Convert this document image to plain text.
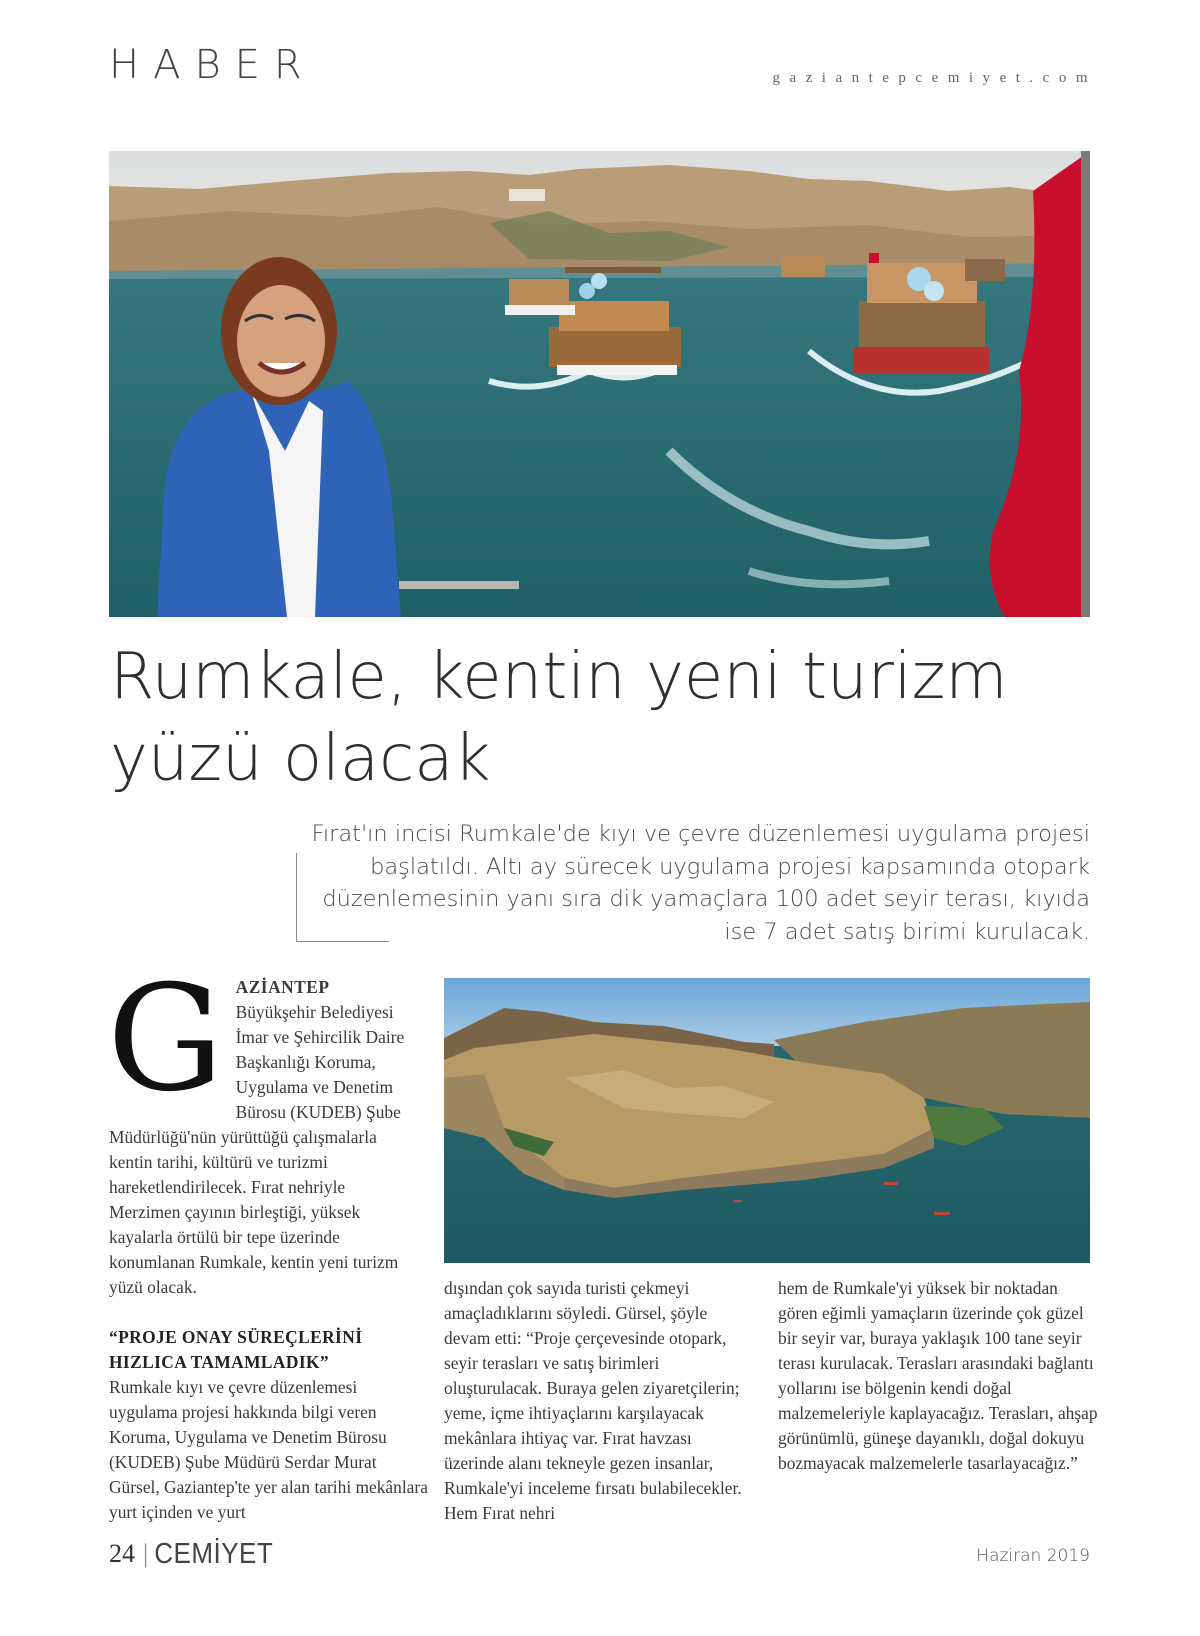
HABER	gaziantepcemiyet.com
Rumkale, kentin yeni turizm yüzü olacak

Fırat'ın incisi Rumkale'de kıyı ve çevre düzenlemesi uygulama projesi başlatıldı. Altı ay sürecek uygulama projesi kapsamında otopark düzenlemesinin yanı sıra dik yamaçlara 100 adet seyir terası, kıyıda ise 7 adet satış birimi kurulacak.

G AZİANTEP Büyükşehir Belediyesi İmar ve Şehircilik Daire Başkanlığı Koruma, Uygulama ve Denetim Bürosu (KUDEB) Şube Müdürlüğü'nün yürüttüğü çalışmalarla kentin tarihi, kültürü ve turizmi hareketlendirilecek. Fırat nehriyle Merzimen çayının birleştiği, yüksek kayalarla örtülü bir tepe üzerinde konumlanan Rumkale, kentin yeni turizm yüzü olacak.
“PROJE ONAY SÜREÇLERİNİ HIZLICA TAMAMLADIK”
Rumkale kıyı ve çevre düzenlemesi uygulama projesi hakkında bilgi veren Koruma, Uygulama ve Denetim Bürosu (KUDEB) Şube Müdürü Serdar Murat Gürsel, Gaziantep'te yer alan tarihi mekânlara yurt içinden ve yurt
dışından çok sayıda turisti çekmeyi amaçladıklarını söyledi. Gürsel, şöyle devam etti: “Proje çerçevesinde otopark, seyir terasları ve satış birimleri oluşturulacak. Buraya gelen ziyaretçilerin; yeme, içme ihtiyaçlarını karşılayacak mekânlara ihtiyaç var. Fırat havzası üzerinde alanı tekneyle gezen insanlar, Rumkale'yi inceleme fırsatı bulabilecekler. Hem Fırat nehri
hem de Rumkale'yi yüksek bir noktadan gören eğimli yamaçların üzerinde çok güzel bir seyir var, buraya yaklaşık 100 tane seyir terası kurulacak. Terasları arasındaki bağlantı yollarını ise bölgenin kendi doğal malzemeleriyle kaplayacağız. Terasları, ahşap görünümlü, güneşe dayanıklı, doğal dokuyu bozmayacak malzemelerle tasarlayacağız.”
24 | CEMİYET	Haziran 2019
